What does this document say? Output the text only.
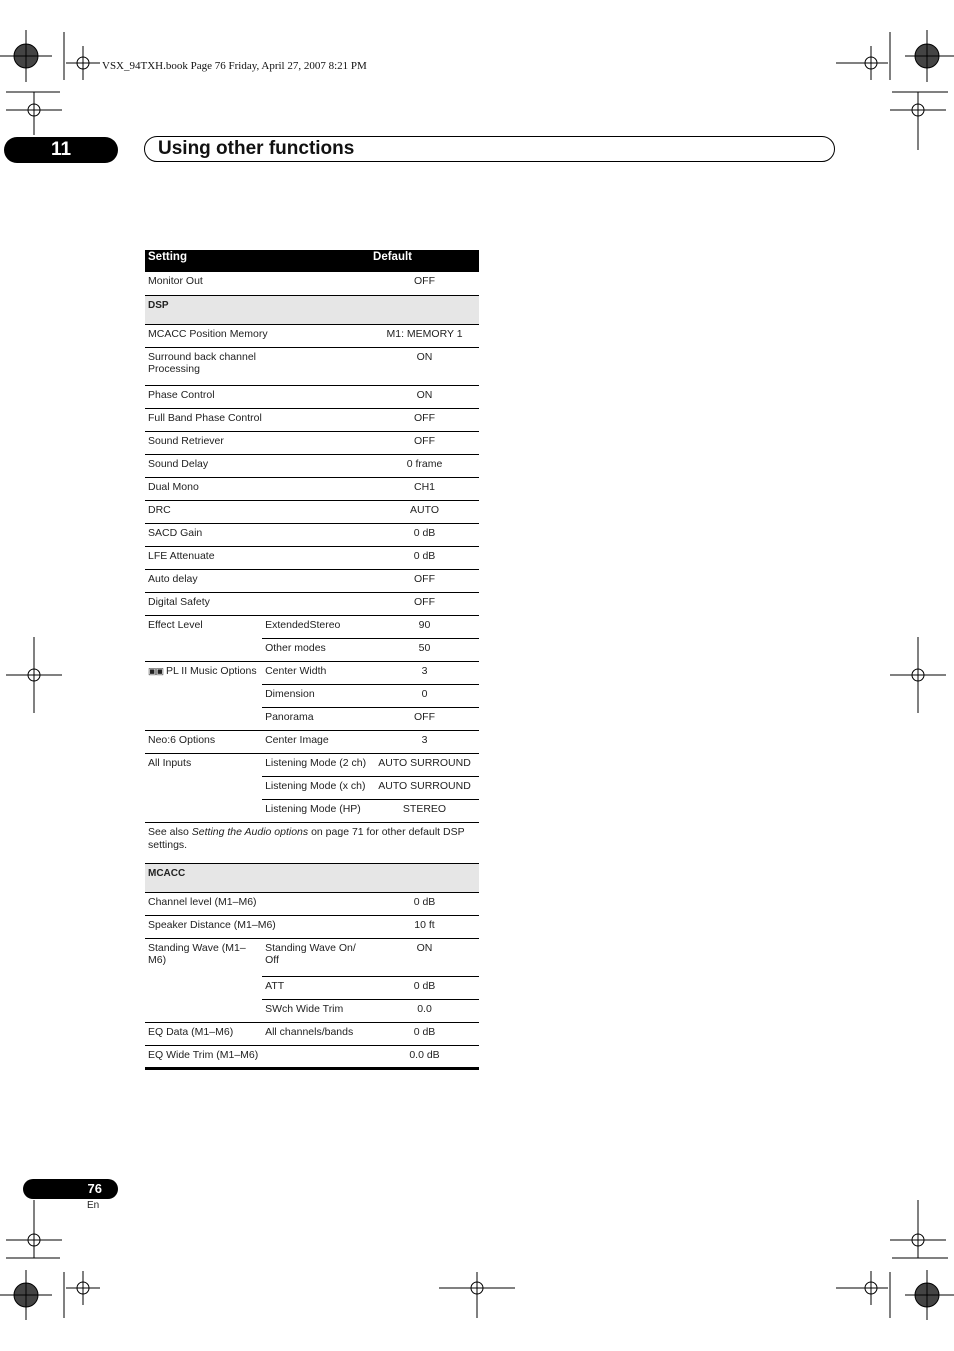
VSX_94TXH.book Page 76 Friday, April 27, 2007 8:21 PM
11	Using other functions
Setting		Default
Monitor Out		OFF
DSP		
MCACC Position Memory		M1: MEMORY 1
Surround back channel Processing		ON
Phase Control		ON
Full Band Phase Control		OFF
Sound Retriever		OFF
Sound Delay		0 frame
Dual Mono		CH1
DRC		AUTO
SACD Gain		0 dB
LFE Attenuate		0 dB
Auto delay		OFF
Digital Safety		OFF
Effect Level	ExtendedStereo	90
	Other modes	50
▣▣ PL II Music Options	Center Width	3
	Dimension	0
	Panorama	OFF
Neo:6 Options	Center Image	3
All Inputs	Listening Mode (2 ch)	AUTO SURROUND
	Listening Mode (x ch)	AUTO SURROUND
	Listening Mode (HP)	STEREO
See also Setting the Audio options on page 71 for other default DSP settings.		
MCACC		
Channel level (M1–M6)		0 dB
Speaker Distance (M1–M6)		10 ft
Standing Wave (M1–M6)	Standing Wave On/ Off	ON
	ATT	0 dB
	SWch Wide Trim	0.0
EQ Data (M1–M6)	All channels/bands	0 dB
EQ Wide Trim (M1–M6)		0.0 dB
76
En
